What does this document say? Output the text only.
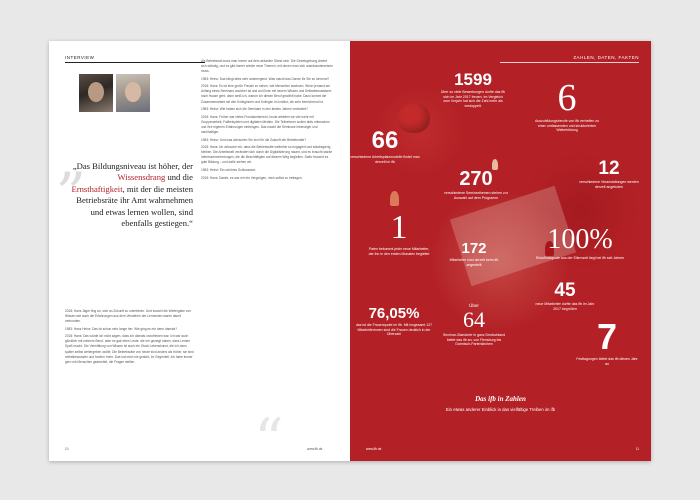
INTERVIEW
„
„Das Bildungsniveau ist höher, der Wissensdrang und die Ernsthaftigkeit, mit der die meisten Betriebsräte ihr Amt wahrnehmen und etwas lernen wollen, sind ebenfalls gestiegen.“

2018: Hans Jäger fing an, sich an Zukunft zu orientieren. Und sowohl die Weitergabe von Wissen wie auch die Erfahrungen aus dem Verstehen der Lernenden waren damit verbunden.

1983: Hans Heinz: Das ist schon sehr lange her. Wie ging es mir denn damals?

2018: Hans: Das würde ich nicht sagen, dass ich damals unzufrieden war. Ich war auch glücklich mit meinem Beruf, aber es gab eben Leute, die mir gezeigt haben, dass Lernen Spaß macht. Die Vermittlung von Wissen ist auch ein Stuck Lebenskunst, die ich dann später selbst weitergeben wollte. Die Betriebsräte von heute sind anders als früher, sie sind selbstbewusster und fordern mehr. Das hat mich nie gestört, im Gegenteil: Ich habe immer gern mit Menschen gearbeitet, die Fragen stellen.

Als Betriebsrat muss man immer auf dem aktuellen Stand sein. Die Gesetzgebung ändert sich ständig, und es gibt immer wieder neue Themen, mit denen man sich auseinandersetzen muss.

1983: Heinz: Das klingt alles sehr anstrengend. Was macht das Ganze für Sie so lohnend?

2018: Hans: Es ist eine große Freude zu sehen, wie Menschen wachsen. Wenn jemand am Anfang eines Seminars unsicher ist und am Ende mit neuem Wissen und Selbstbewusstsein nach Hause geht, dann weiß ich, warum ich diesen Beruf gewählt habe. Dazu kommt die Zusammenarbeit mit den Kolleginnen und Kollegen im Institut, die sehr bereichernd ist.

1983: Heinz: Wie haben sich die Seminare in den letzten Jahren verändert?

2018: Hans: Früher war vieles Frontalunterricht, heute arbeiten wir viel mehr mit Gruppenarbeit, Fallbeispielen und digitalen Medien. Die Teilnehmer wollen aktiv mitmachen und ihre eigenen Erfahrungen einbringen. Das macht die Seminare lebendiger und nachhaltiger.

1983: Heinz: Und was wünschen Sie sich für die Zukunft der Betriebsräte?

2018: Hans: Ich wünsche mir, dass die Betriebsräte weiterhin so engagiert und wissbegierig bleiben. Die Arbeitswelt verändert sich durch die Digitalisierung rasant, und es braucht starke Interessenvertretungen, die die Beschäftigten auf diesem Weg begleiten. Dafür braucht es gute Bildung – und dafür stehen wir.

1983: Heinz: Ein schönes Schlusswort.

2018: Hans: Danke, es war mir ein Vergnügen, mich selbst zu befragen.

“
10	www.ifb.de
ZAHLEN, DATEN, FAKTEN
1599
Über so viele Bewerbungen durfte das ifb sich im Jahr 2017 freuen. Im Vergleich zum Vorjahr hat sich die Zahl mehr als verdoppelt.	6
Auszubildungsberufe von ifb verhelfen zu einer umfassenden und strukturierten Weiterbildung
66
verschiedene Arbeitsplatzmodelle findet man derzeit im ifb
270
verschiedene Seminarthemen stehen zur Auswahl auf dem Programm
12
verschiedene Veranstaltungen werden derzeit angeboten
1
Paten bekommt jeder neue Mitarbeiter, der ihn in den ersten Monaten begleitet	172
Mitarbeiter sind derzeit beim ifb angestellt
100%
Rückflussquote aus der Elternzeit liegt bei ifb seit Jahren
76,05%
das ist die Frauenquote im ifb. Mit insgesamt 127 Mitarbeiterinnen sind die Frauen deutlich in der Überzahl
Über
64
Seminar-Standorte in ganz Deutschland bietet das ifb an, von Flensburg bis Garmisch-Partenkirchen
45
neue Mitarbeiter durfte das ifb im Jahr 2017 begrüßen
7
Festtagungen bietet das ifb diesen Jahr an
Das ifb in Zahlen
Ein etwas anderer Einblick in das vielfältige Treiben im ifb
www.ifb.de	11
